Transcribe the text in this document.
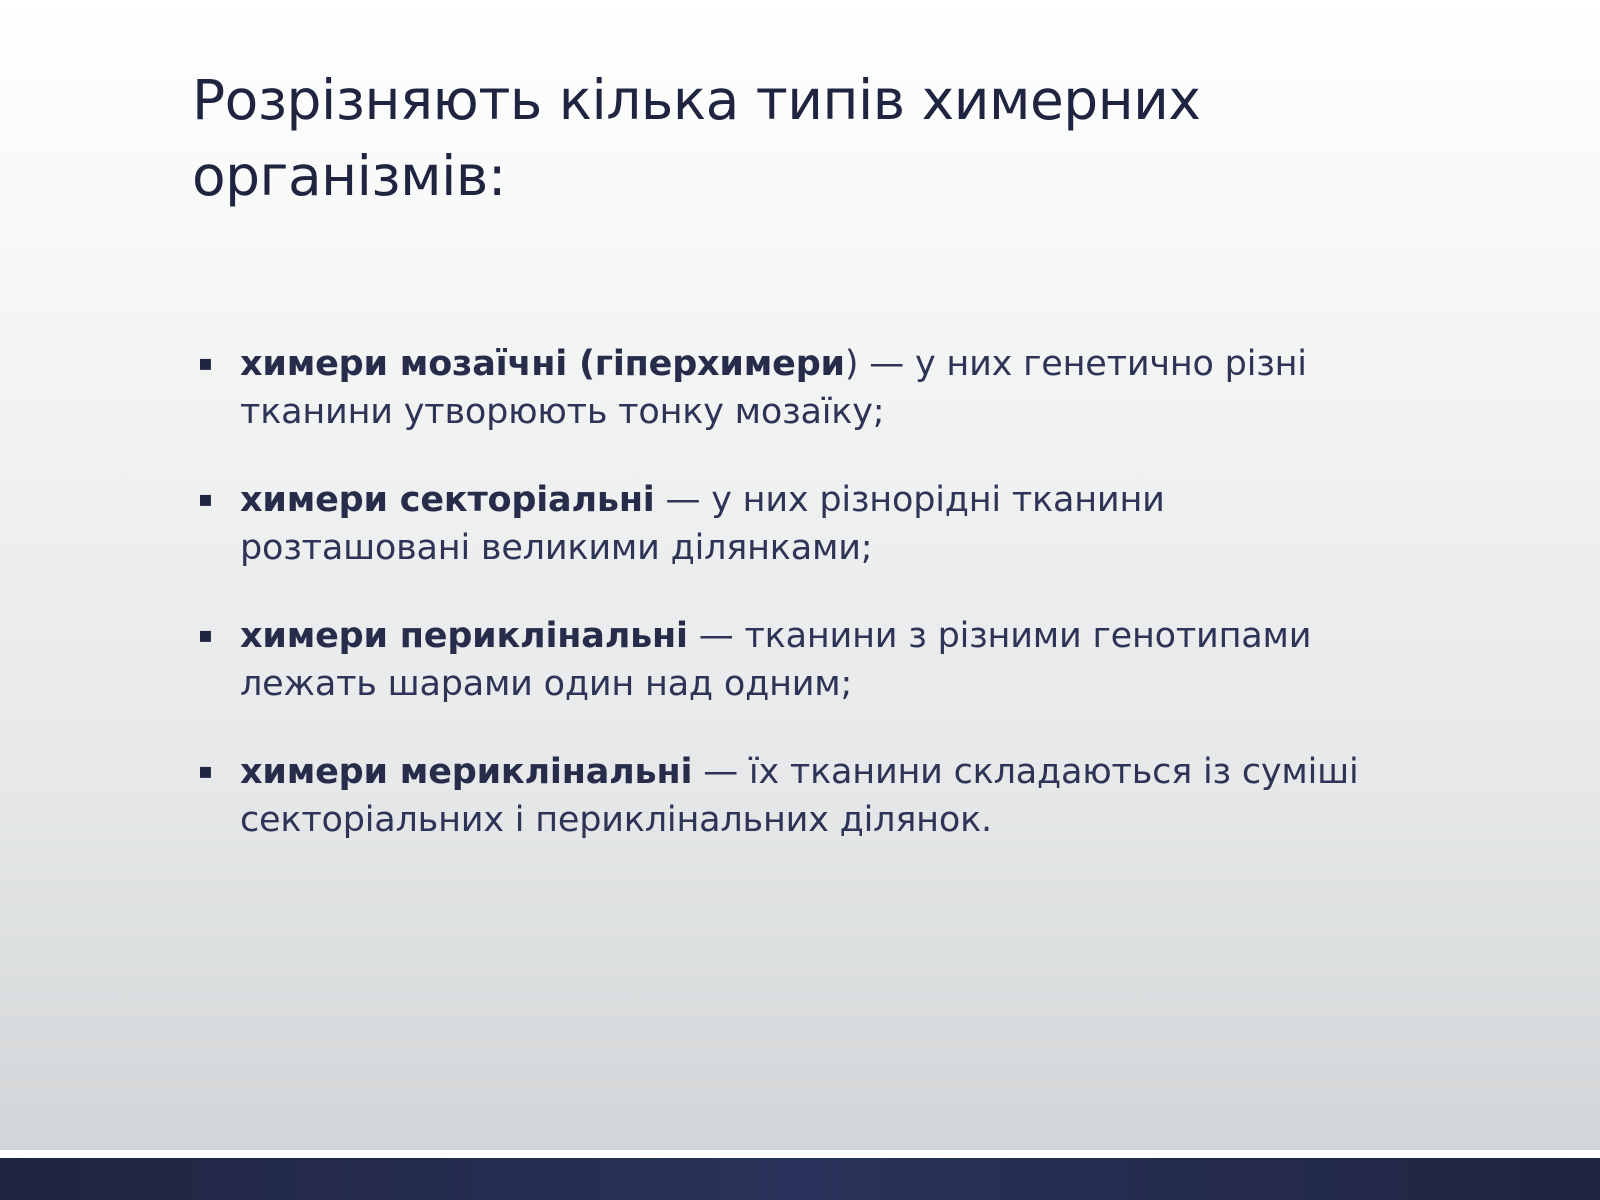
Розрізняють кілька типів химерних організмів:
▪ химери мозаїчні (гіперхимери) — у них генетично різні тканини утворюють тонку мозаїку;
▪ химери секторіальні — у них різнорідні тканини розташовані великими ділянками;
▪ химери периклінальні — тканини з різними генотипами лежать шарами один над одним;
▪ химери мериклінальні — їх тканини складаються із суміші секторіальних і периклінальних ділянок.
